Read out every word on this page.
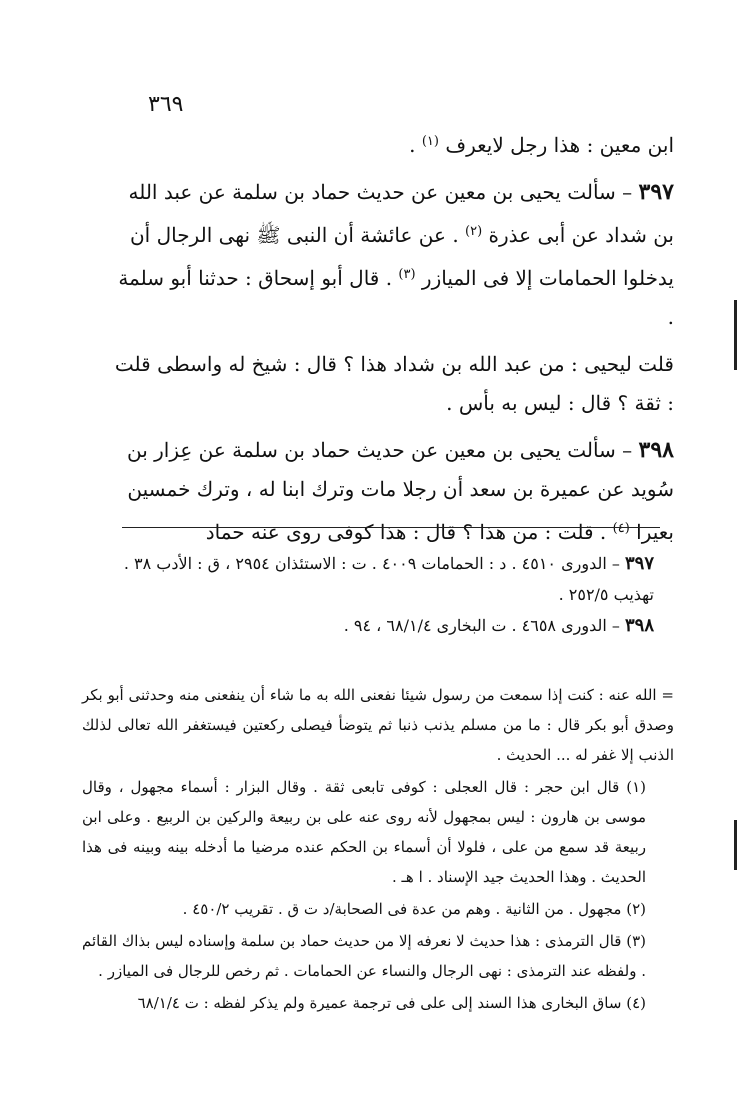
٣٦٩

ابن معين : هذا رجل لايعرف $^{(١)}$ .

٣٩٧ – سألت يحيى بن معين عن حديث حماد بن سلمة عن عبد الله بن شداد عن أبى عذرة $^{(٢)}$ . عن عائشة أن النبى ﷺ نهى الرجال أن يدخلوا الحمامات إلا فى الميازر $^{(٣)}$ . قال أبو إسحاق : حدثنا أبو سلمة .

قلت ليحيى : من عبد الله بن شداد هذا ؟ قال : شيخ له واسطى قلت : ثقة ؟ قال : ليس به بأس .

٣٩٨ – سألت يحيى بن معين عن حديث حماد بن سلمة عن عِزار بن سُويد عن عميرة بن سعد أن رجلا مات وترك ابنا له ، وترك خمسين بعيرا $^{(٤)}$ . قلت : من هذا ؟ قال : هذا كوفى روى عنه حماد

٣٩٧ – الدورى ٤٥١٠ . د : الحمامات ٤٠٠٩ . ت : الاستئذان ٢٩٥٤ ، ق : الأدب ٣٨ . تهذيب ٢٥٢/٥ .

٣٩٨ – الدورى ٤٦٥٨ . ت البخارى ٦٨/١/٤ ، ٩٤ .

= الله عنه : كنت إذا سمعت من رسول شيئا نفعنى الله به ما شاء أن ينفعنى منه وحدثنى أبو بكر وصدق أبو بكر قال : ما من مسلم يذنب ذنبا ثم يتوضأ فيصلى ركعتين فيستغفر الله تعالى لذلك الذنب إلا غفر له ... الحديث .

(١) قال ابن حجر : قال العجلى : كوفى تابعى ثقة . وقال البزار : أسماء مجهول ، وقال موسى بن هارون : ليس بمجهول لأنه روى عنه على بن ربيعة والركين بن الربيع . وعلى ابن ربيعة قد سمع من على ، فلولا أن أسماء بن الحكم عنده مرضيا ما أدخله بينه وبينه فى هذا الحديث . وهذا الحديث جيد الإسناد . ا هـ .

(٢) مجهول . من الثانية . وهم من عدة فى الصحابة/د ت ق . تقريب ٤٥٠/٢ .

(٣) قال الترمذى : هذا حديث لا نعرفه إلا من حديث حماد بن سلمة وإسناده ليس بذاك القائم . ولفظه عند الترمذى : نهى الرجال والنساء عن الحمامات . ثم رخص للرجال فى الميازر .

(٤) ساق البخارى هذا السند إلى على فى ترجمة عميرة ولم يذكر لفظه : ت ٦٨/١/٤
